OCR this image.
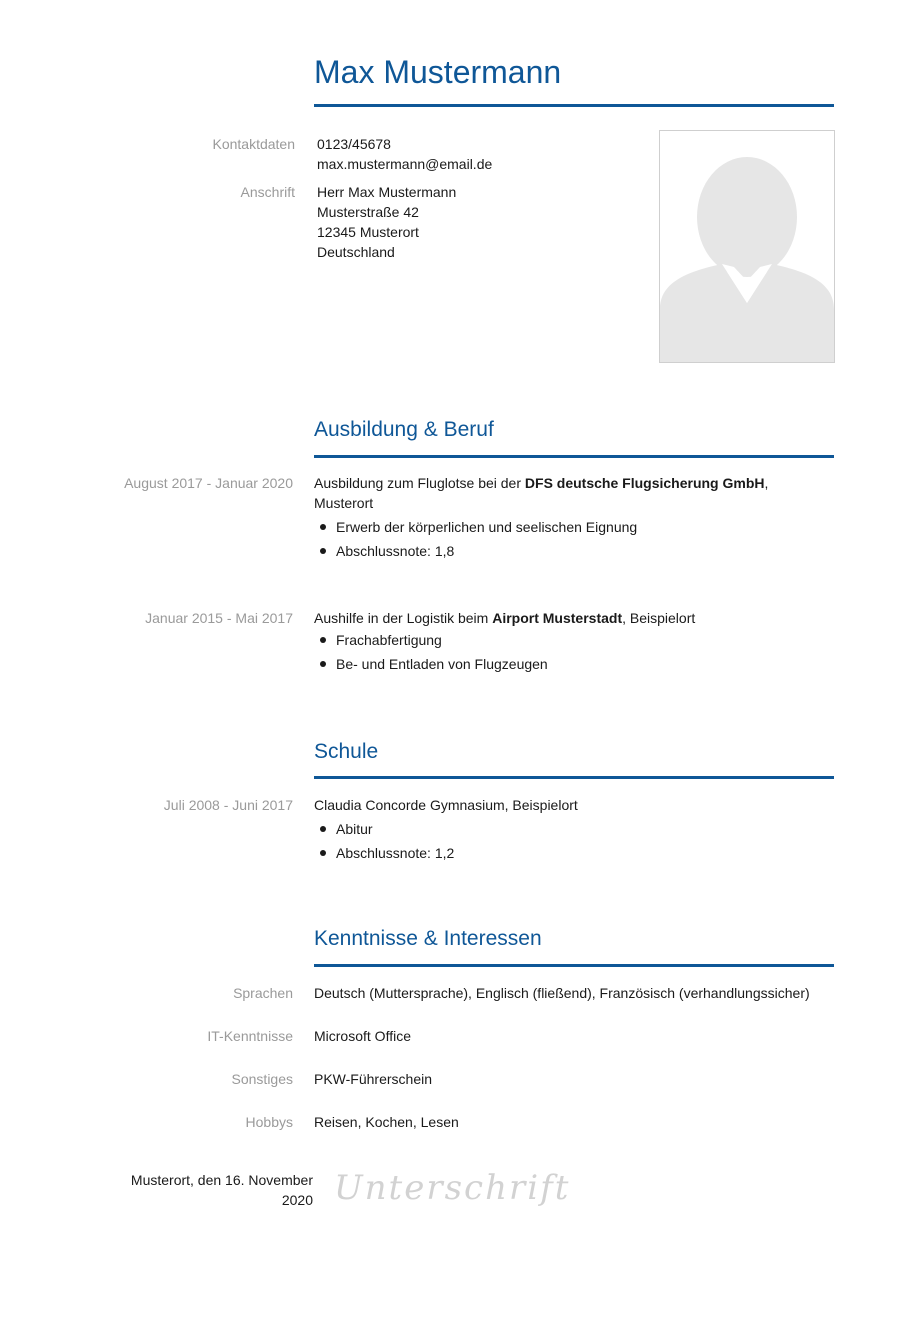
Max Mustermann
Kontaktdaten 0123/45678
max.mustermann@email.de
Anschrift Herr Max Mustermann
Musterstraße 42
12345 Musterort
Deutschland
Ausbildung & Beruf
August 2017 - Januar 2020 Ausbildung zum Fluglotse bei der DFS deutsche Flugsicherung GmbH,
Musterort
Erwerb der körperlichen und seelischen Eignung
Abschlussnote: 1,8
Januar 2015 - Mai 2017 Aushilfe in der Logistik beim Airport Musterstadt, Beispielort
Frachabfertigung
Be- und Entladen von Flugzeugen
Schule
Juli 2008 - Juni 2017 Claudia Concorde Gymnasium, Beispielort
Abitur
Abschlussnote: 1,2
Kenntnisse & Interessen
Sprachen Deutsch (Muttersprache), Englisch (fließend), Französisch (verhandlungssicher)
IT-Kenntnisse Microsoft Office
Sonstiges PKW-Führerschein
Hobbys Reisen, Kochen, Lesen
Musterort, den 16. November
2020 Unterschrift
